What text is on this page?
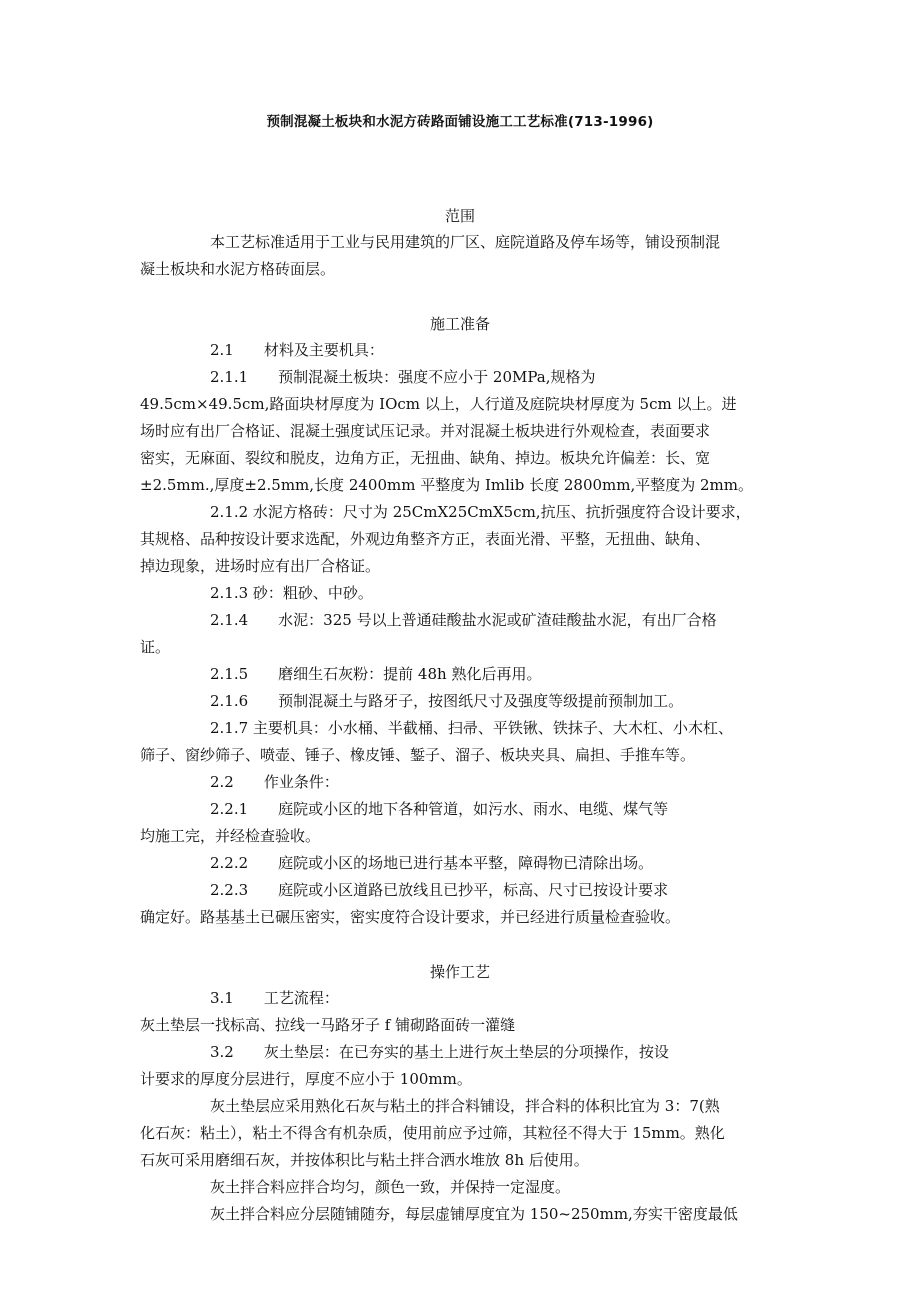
预制混凝土板块和水泥方砖路面铺设施工工艺标准(713-1996)
范围
本工艺标准适用于工业与民用建筑的厂区、庭院道路及停车场等，铺设预制混
凝土板块和水泥方格砖面层。
施工准备
2.1　　材料及主要机具：
2.1.1　　预制混凝土板块：强度不应小于 20MPa,规格为
49.5cm×49.5cm,路面块材厚度为 IOcm 以上，人行道及庭院块材厚度为 5cm 以上。进
场时应有出厂合格证、混凝土强度试压记录。并对混凝土板块进行外观检查，表面要求
密实，无麻面、裂纹和脱皮，边角方正，无扭曲、缺角、掉边。板块允许偏差：长、宽
±2.5mm.,厚度±2.5mm,长度 2400mm 平整度为 Imlib 长度 2800mm,平整度为 2mm。
2.1.2 水泥方格砖：尺寸为 25CmX25CmX5cm,抗压、抗折强度符合设计要求，
其规格、品种按设计要求选配，外观边角整齐方正，表面光滑、平整，无扭曲、缺角、
掉边现象，进场时应有出厂合格证。
2.1.3 砂：粗砂、中砂。
2.1.4　　水泥：325 号以上普通硅酸盐水泥或矿渣硅酸盐水泥，有出厂合格
证。
2.1.5　　磨细生石灰粉：提前 48h 熟化后再用。
2.1.6　　预制混凝土与路牙子，按图纸尺寸及强度等级提前预制加工。
2.1.7 主要机具：小水桶、半截桶、扫帚、平铁锹、铁抹子、大木杠、小木杠、
筛子、窗纱筛子、喷壶、锤子、橡皮锤、錾子、溜子、板块夹具、扁担、手推车等。
2.2　　作业条件：
2.2.1　　庭院或小区的地下各种管道，如污水、雨水、电缆、煤气等
均施工完，并经检查验收。
2.2.2　　庭院或小区的场地已进行基本平整，障碍物已清除出场。
2.2.3　　庭院或小区道路已放线且已抄平，标高、尺寸已按设计要求
确定好。路基基土已碾压密实，密实度符合设计要求，并已经进行质量检查验收。
操作工艺
3.1　　工艺流程：
灰土垫层一找标高、拉线一马路牙子 f 铺砌路面砖一灌缝
3.2　　灰土垫层：在已夯实的基土上进行灰土垫层的分项操作，按设
计要求的厚度分层进行，厚度不应小于 100mm。
灰土垫层应采用熟化石灰与粘土的拌合料铺设，拌合料的体积比宜为 3：7(熟
化石灰：粘土），粘土不得含有机杂质，使用前应予过筛，其粒径不得大于 15mm。熟化
石灰可采用磨细石灰，并按体积比与粘土拌合洒水堆放 8h 后使用。
灰土拌合料应拌合均匀，颜色一致，并保持一定湿度。
灰土拌合料应分层随铺随夯，每层虚铺厚度宜为 150~250mm,夯实干密度最低
